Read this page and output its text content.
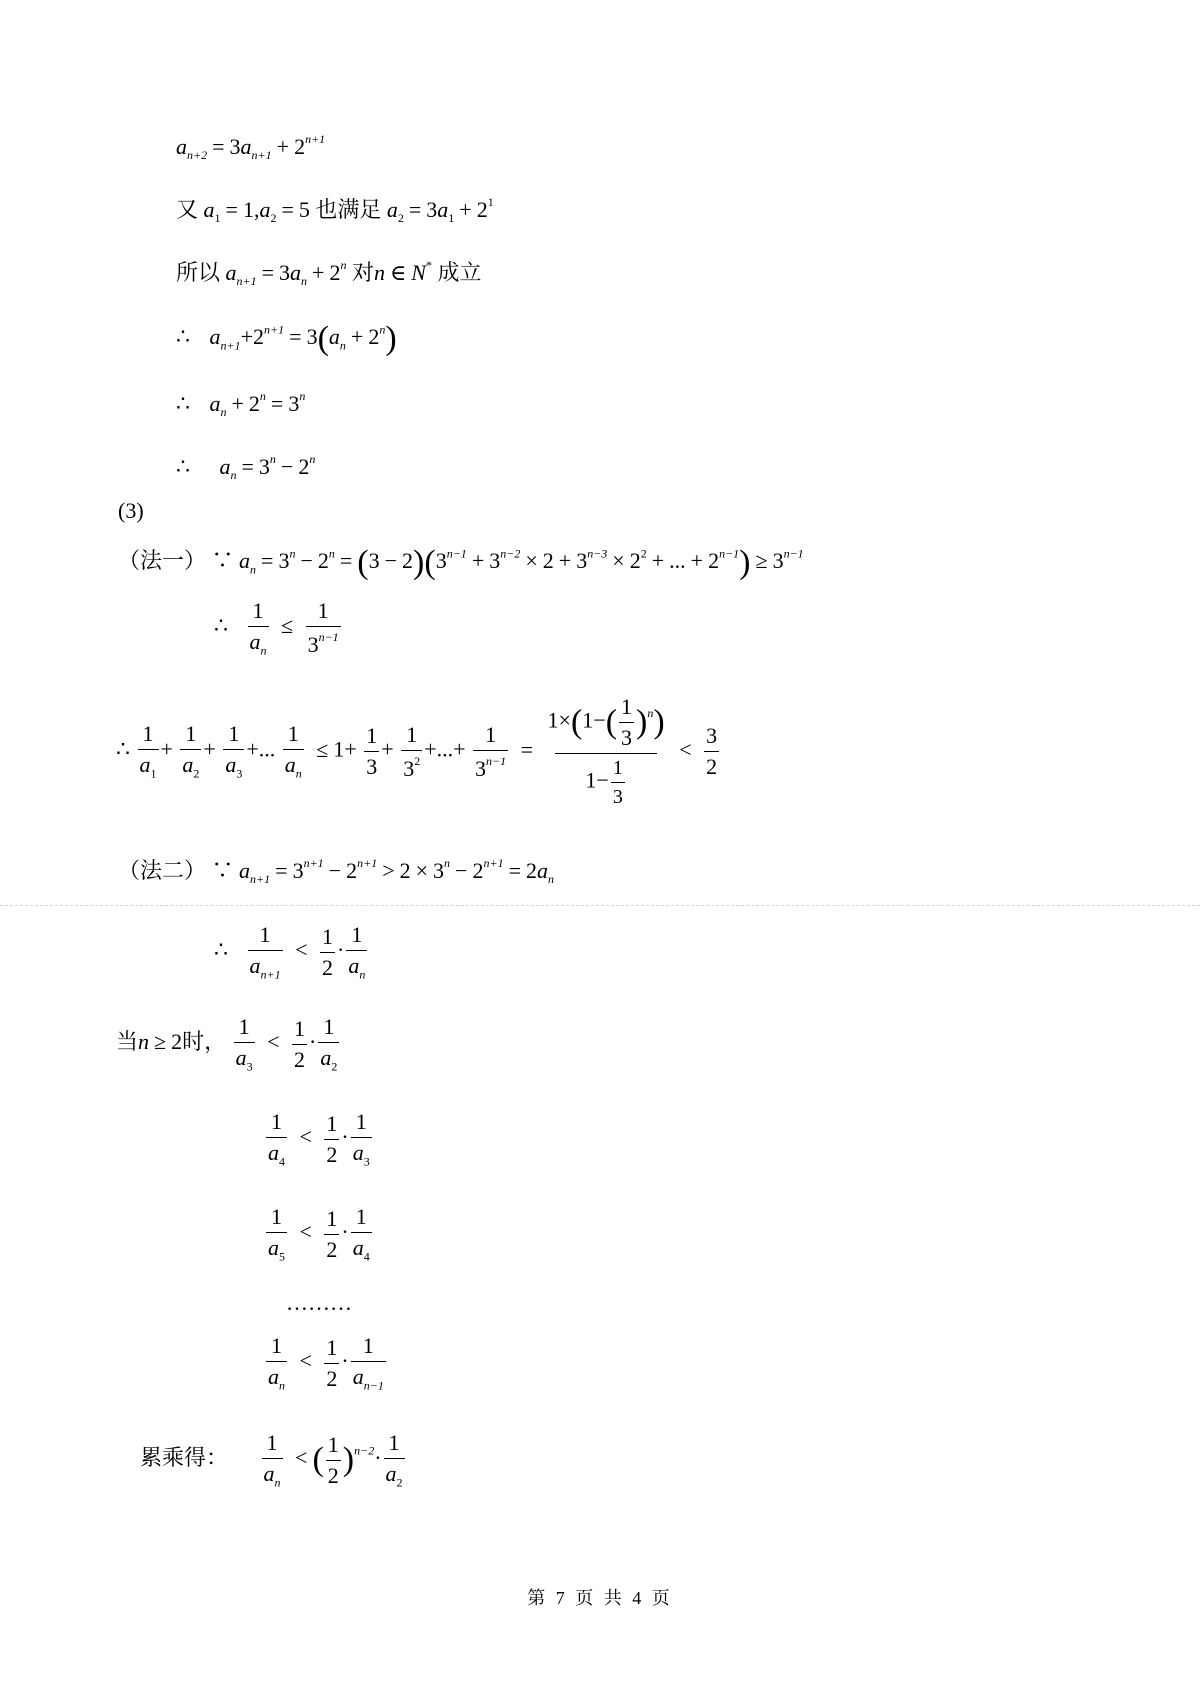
$a_{n+2} = 3a_{n+1} + 2^{n+1}$
又 $a_1 = 1,a_2 = 5$ 也满足 $a_2 = 3a_1 + 2^1$
所以 $a_{n+1} = 3a_n + 2^n$ 对n ∈ N* 成立
∴ $a_{n+1}+2^{n+1} = 3(a_n + 2^n)$
∴ $a_n + 2^n = 3^n$
∴ $a_n = 3^n - 2^n$
(3)
（法一） ∵ $a_n = 3^n - 2^n = (3 - 2)(3^{n-1} + 3^{n-2} \times 2 + 3^{n-3} \times 2^2$ + ... + $2^{n-1}) \ge 3^{n-1}$
∴ $\frac{1}{a_n} \le \frac{1}{3^{n-1}}$
∴ $\frac{1}{a_1} + \frac{1}{a_2} + \frac{1}{a_3}$ +... $\frac{1}{a_n} \le 1+ \frac{1}{3} + \frac{1}{3^2}$ +...+ $\frac{1}{3^{n-1}} = \frac{1\times(1-( \frac{1}{3} )^n)}{1- \frac{1}{3}} < \frac{3}{2}$
（法二） ∵ $a_{n+1} = 3^{n+1} - 2^{n+1} > 2 \times 3^n - 2^{n+1} = 2a_n$
∴ $\frac{1}{a_{n+1}} < \frac{1}{2} \cdot \frac{1}{a_n}$
当n ≥ 2时， $\frac{1}{a_3} < \frac{1}{2} \cdot \frac{1}{a_2}$
$\frac{1}{a_4} < \frac{1}{2} \cdot \frac{1}{a_3}$
$\frac{1}{a_5} < \frac{1}{2} \cdot \frac{1}{a_4}$
………
$\frac{1}{a_n} < \frac{1}{2} \cdot \frac{1}{a_{n-1}}$
累乘得： $\frac{1}{a_n}$ < ( $\frac{1}{2} )^{n-2}\cdot \frac{1}{a_2}$
第 7 页 共 4 页
